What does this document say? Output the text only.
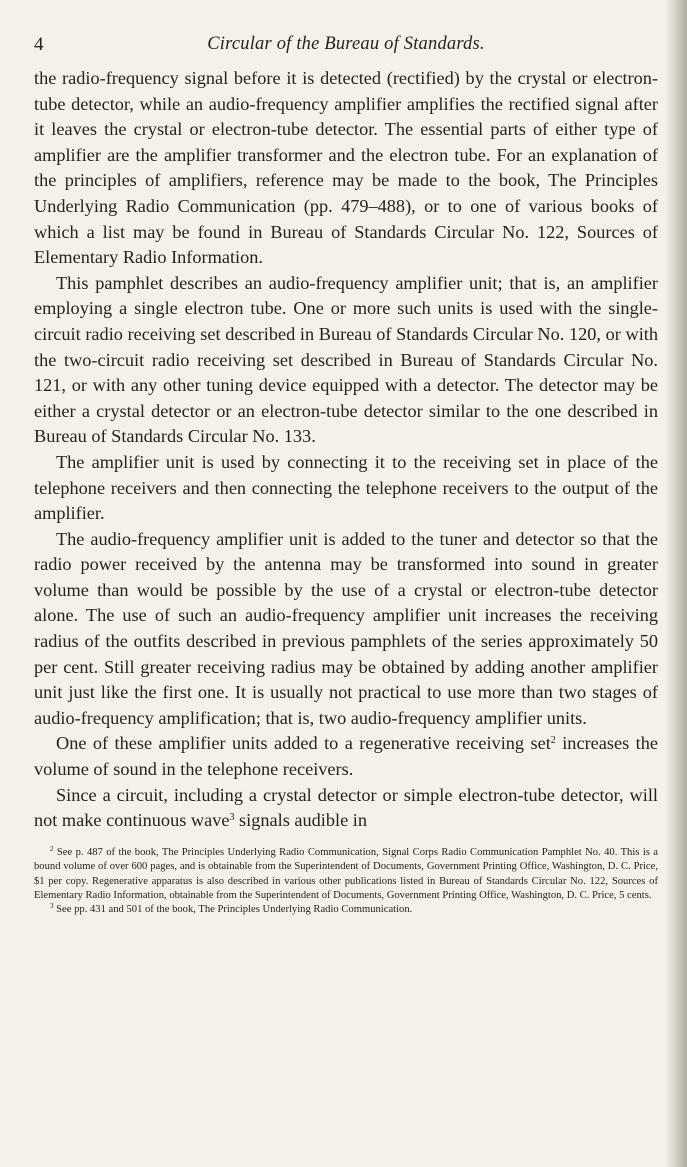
4	Circular of the Bureau of Standards.

the radio-frequency signal before it is detected (rectified) by the crystal or electron-tube detector, while an audio-frequency amplifier amplifies the rectified signal after it leaves the crystal or electron-tube detector. The essential parts of either type of amplifier are the amplifier transformer and the electron tube. For an explanation of the principles of amplifiers, reference may be made to the book, The Principles Underlying Radio Communication (pp. 479–488), or to one of various books of which a list may be found in Bureau of Standards Circular No. 122, Sources of Elementary Radio Information.

This pamphlet describes an audio-frequency amplifier unit; that is, an amplifier employing a single electron tube. One or more such units is used with the single-circuit radio receiving set described in Bureau of Standards Circular No. 120, or with the two-circuit radio receiving set described in Bureau of Standards Circular No. 121, or with any other tuning device equipped with a detector. The detector may be either a crystal detector or an electron-tube detector similar to the one described in Bureau of Standards Circular No. 133.

The amplifier unit is used by connecting it to the receiving set in place of the telephone receivers and then connecting the telephone receivers to the output of the amplifier.

The audio-frequency amplifier unit is added to the tuner and detector so that the radio power received by the antenna may be transformed into sound in greater volume than would be possible by the use of a crystal or electron-tube detector alone. The use of such an audio-frequency amplifier unit increases the receiving radius of the outfits described in previous pamphlets of the series approximately 50 per cent. Still greater receiving radius may be obtained by adding another amplifier unit just like the first one. It is usually not practical to use more than two stages of audio-frequency amplification; that is, two audio-frequency amplifier units.

One of these amplifier units added to a regenerative receiving set$^2$ increases the volume of sound in the telephone receivers.

Since a circuit, including a crystal detector or simple electron-tube detector, will not make continuous wave$^3$ signals audible in

$^2$ See p. 487 of the book, The Principles Underlying Radio Communication, Signal Corps Radio Communication Pamphlet No. 40. This is a bound volume of over 600 pages, and is obtainable from the Superintendent of Documents, Government Printing Office, Washington, D. C. Price, $1 per copy. Regenerative apparatus is also described in various other publications listed in Bureau of Standards Circular No. 122, Sources of Elementary Radio Information, obtainable from the Superintendent of Documents, Government Printing Office, Washington, D. C. Price, 5 cents.

$^3$ See pp. 431 and 501 of the book, The Principles Underlying Radio Communication.
